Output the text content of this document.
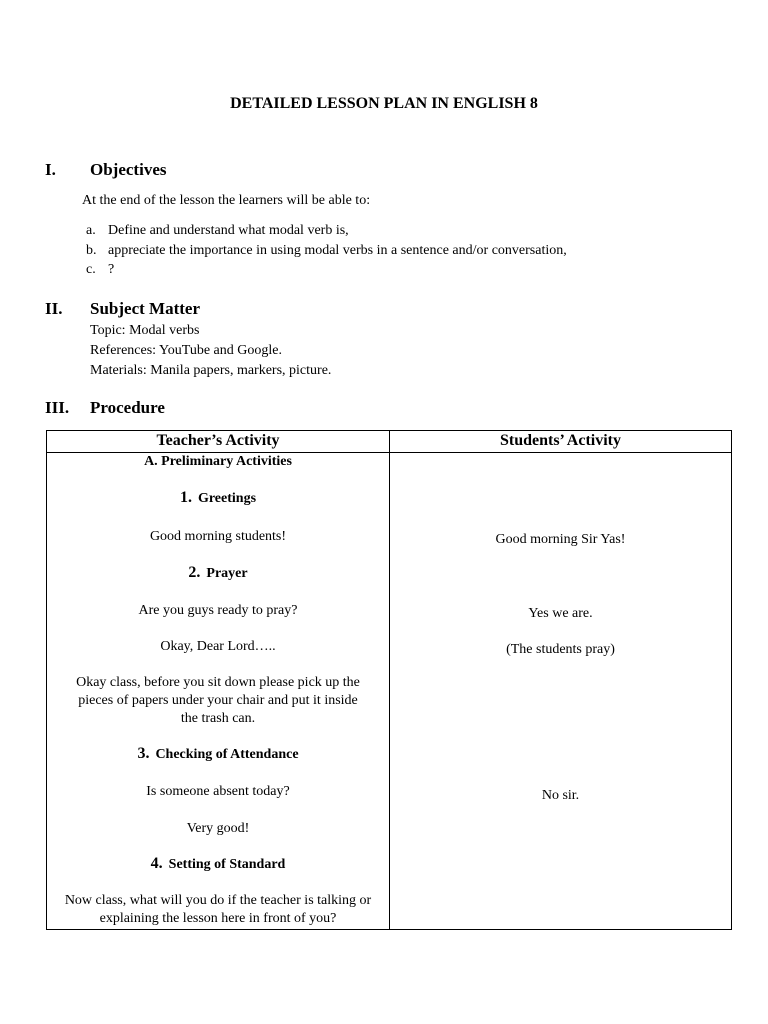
DETAILED LESSON PLAN IN ENGLISH 8
I. Objectives
At the end of the lesson the learners will be able to:
a. Define and understand what modal verb is,
b. appreciate the importance in using modal verbs in a sentence and/or conversation,
c. ?
II. Subject Matter
Topic: Modal verbs
References: YouTube and Google.
Materials: Manila papers, markers, picture.
III. Procedure
Teacher’s Activity	Students’ Activity
A. Preliminary Activities
1. Greetings
Good morning students!
2. Prayer
Are you guys ready to pray?
Okay, Dear Lord…..
Okay class, before you sit down please pick up the pieces of papers under your chair and put it inside the trash can.
3. Checking of Attendance
Is someone absent today?
Very good!
4. Setting of Standard
Now class, what will you do if the teacher is talking or explaining the lesson here in front of you?
Good morning Sir Yas!
Yes we are.
(The students pray)
No sir.
